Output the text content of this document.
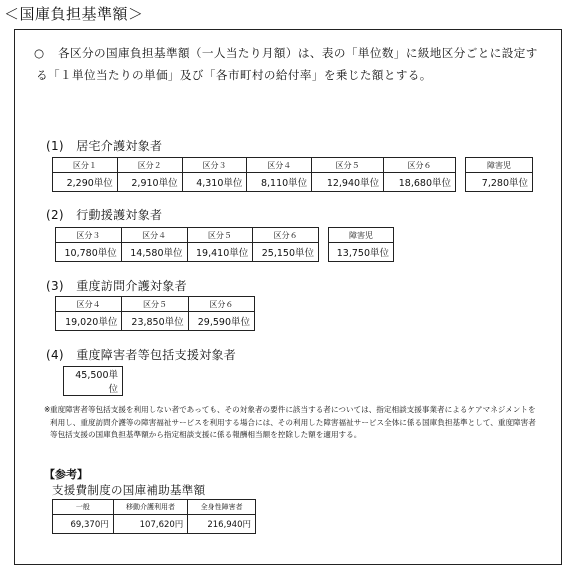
＜国庫負担基準額＞
○	各区分の国庫負担基準額（一人当たり月額）は、表の「単位数」に級地区分ごとに設定する「１単位当たりの単価」及び「各市町村の給付率」を乗じた額とする。

(1)　居宅介護対象者
区分１	区分２	区分３	区分４	区分５	区分６
2,290単位	2,910単位	4,310単位	8,110単位	12,940単位	18,680単位
障害児
7,280単位
(2)　行動援護対象者
区分３	区分４	区分５	区分６
10,780単位	14,580単位	19,410単位	25,150単位
障害児
13,750単位
(3)　重度訪問介護対象者
区分４	区分５	区分６
19,020単位	23,850単位	29,590単位
(4)　重度障害者等包括支援対象者
45,500単位
※ 重度障害者等包括支援を利用しない者であっても、その対象者の要件に該当する者については、指定相談支援事業者によるケアマネジメントを利用し、重度訪問介護等の障害福祉サービスを利用する場合には、その利用した障害福祉サービス全体に係る国庫負担基準として、重度障害者等包括支援の国庫負担基準額から指定相談支援に係る報酬相当額を控除した額を適用する。
【参考】
支援費制度の国庫補助基準額
一般	移動介護利用者	全身性障害者
69,370円	107,620円	216,940円
